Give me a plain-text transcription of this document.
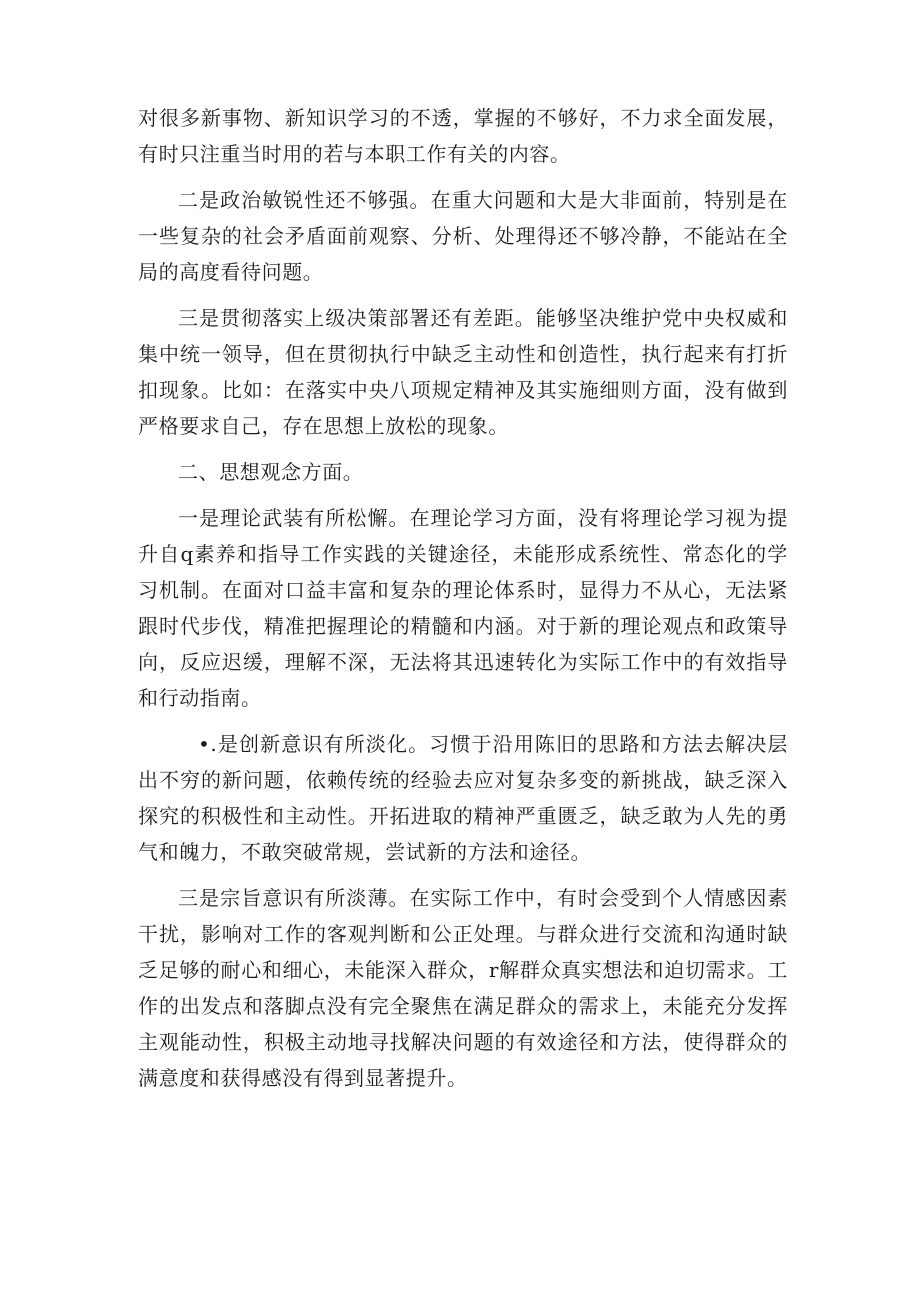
对很多新事物、新知识学习的不透，掌握的不够好，不力求全面发展，有时只注重当时用的若与本职工作有关的内容。

二是政治敏锐性还不够强。在重大问题和大是大非面前，特别是在一些复杂的社会矛盾面前观察、分析、处理得还不够冷静，不能站在全局的高度看待问题。

三是贯彻落实上级决策部署还有差距。能够坚决维护党中央权威和集中统一领导，但在贯彻执行中缺乏主动性和创造性，执行起来有打折扣现象。比如：在落实中央八项规定精神及其实施细则方面，没有做到严格要求自己，存在思想上放松的现象。

二、思想观念方面。

一是理论武装有所松懈。在理论学习方面，没有将理论学习视为提升自q素养和指导工作实践的关键途径，未能形成系统性、常态化的学习机制。在面对口益丰富和复杂的理论体系时，显得力不从心，无法紧跟时代步伐，精准把握理论的精髓和内涵。对于新的理论观点和政策导向，反应迟缓，理解不深，无法将其迅速转化为实际工作中的有效指导和行动指南。

•.是创新意识有所淡化。习惯于沿用陈旧的思路和方法去解决层出不穷的新问题，依赖传统的经验去应对复杂多变的新挑战，缺乏深入探究的积极性和主动性。开拓进取的精神严重匮乏，缺乏敢为人先的勇气和魄力，不敢突破常规，尝试新的方法和途径。

三是宗旨意识有所淡薄。在实际工作中，有时会受到个人情感因素干扰，影响对工作的客观判断和公正处理。与群众进行交流和沟通时缺乏足够的耐心和细心，未能深入群众，r解群众真实想法和迫切需求。工作的出发点和落脚点没有完全聚焦在满足群众的需求上，未能充分发挥主观能动性，积极主动地寻找解决问题的有效途径和方法，使得群众的满意度和获得感没有得到显著提升。
